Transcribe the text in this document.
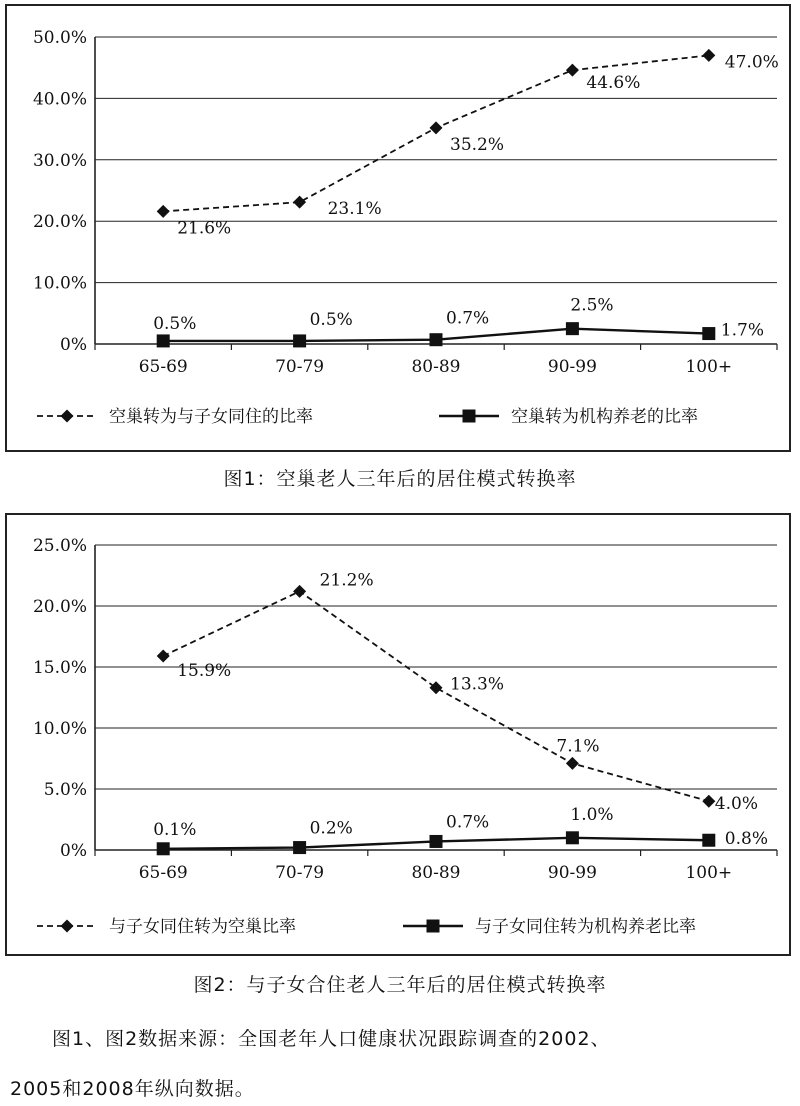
0%
10.0%
20.0%
30.0%
40.0%
50.0%
65-69	70-79	80-89	90-99	100+
21.6%
23.1%
35.2%
44.6%
47.0%
0.5%	0.5%	0.7%
2.5%
1.7%
空巢转为与子女同住的比率	空巢转为机构养老的比率
图1：空巢老人三年后的居住模式转换率
0%
5.0%
10.0%
15.0%
20.0%
25.0%
65-69	70-79	80-89	90-99	100+
15.9%
21.2%
13.3%
7.1%
4.0%
0.1%	0.2%	0.7%	1.0%
0.8%
与子女同住转为空巢比率	与子女同住转为机构养老比率
图2：与子女合住老人三年后的居住模式转换率
图1、图2数据来源：全国老年人口健康状况跟踪调查的2002、
2005和2008年纵向数据。
